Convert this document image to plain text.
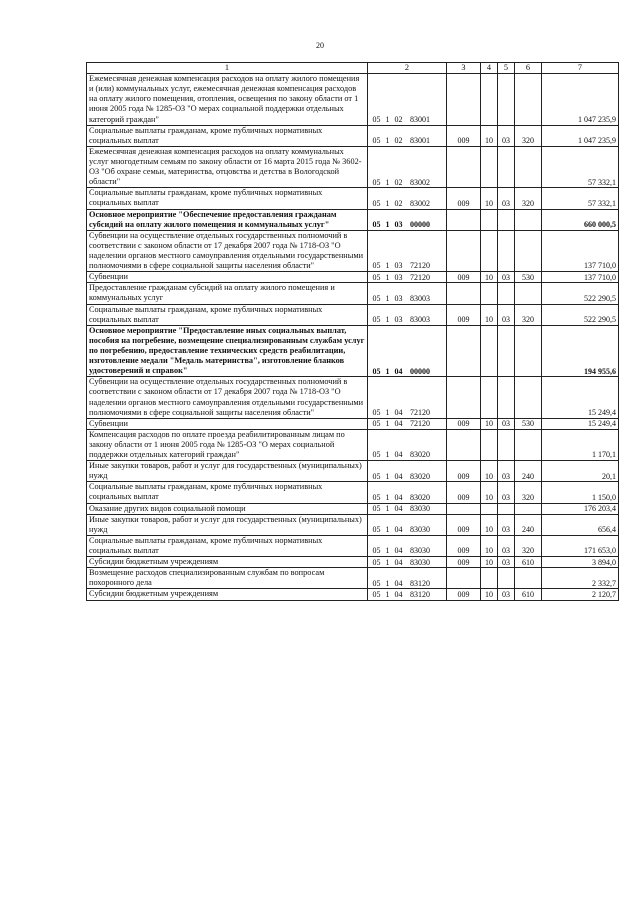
20
1	2	3	4	5	6	7
Ежемесячная денежная компенсация расходов на оплату жилого помещения и (или) коммунальных услуг, ежемесячная денежная компенсация расходов на оплату жилого помещения, отопления, освещения по закону области от 1 июня 2005 года № 1285-ОЗ "О мерах социальной поддержки отдельных категорий граждан"	05 1 02 83001					1 047 235,9
Социальные выплаты гражданам, кроме публичных нормативных социальных выплат	05 1 02 83001	009	10	03	320	1 047 235,9
Ежемесячная денежная компенсация расходов на оплату коммунальных услуг многодетным семьям по закону области от 16 марта 2015 года № 3602-ОЗ "Об охране семьи, материнства, отцовства и детства в Вологодской области"	05 1 02 83002					57 332,1
Социальные выплаты гражданам, кроме публичных нормативных социальных выплат	05 1 02 83002	009	10	03	320	57 332,1
Основное мероприятие "Обеспечение предоставления гражданам субсидий на оплату жилого помещения и коммунальных услуг"	05 1 03 00000					660 000,5
Субвенции на осуществление отдельных государственных полномочий в соответствии с законом области от 17 декабря 2007 года № 1718-ОЗ "О наделении органов местного самоуправления отдельными государственными полномочиями в сфере социальной защиты населения области"	05 1 03 72120					137 710,0
Субвенции	05 1 03 72120	009	10	03	530	137 710,0
Предоставление гражданам субсидий на оплату жилого помещения и коммунальных услуг	05 1 03 83003					522 290,5
Социальные выплаты гражданам, кроме публичных нормативных социальных выплат	05 1 03 83003	009	10	03	320	522 290,5
Основное мероприятие "Предоставление иных социальных выплат, пособия на погребение, возмещение специализированным службам услуг по погребению, предоставление технических средств реабилитации, изготовление медали "Медаль материнства", изготовление бланков удостоверений и справок"	05 1 04 00000					194 955,6
Субвенции на осуществление отдельных государственных полномочий в соответствии с законом области от 17 декабря 2007 года № 1718-ОЗ "О наделении органов местного самоуправления отдельными государственными полномочиями в сфере социальной защиты населения области"	05 1 04 72120					15 249,4
Субвенции	05 1 04 72120	009	10	03	530	15 249,4
Компенсация расходов по оплате проезда реабилитированным лицам по закону области от 1 июня 2005 года № 1285-ОЗ "О мерах социальной поддержки отдельных категорий граждан"	05 1 04 83020					1 170,1
Иные закупки товаров, работ и услуг для государственных (муниципальных) нужд	05 1 04 83020	009	10	03	240	20,1
Социальные выплаты гражданам, кроме публичных нормативных социальных выплат	05 1 04 83020	009	10	03	320	1 150,0
Оказание других видов социальной помощи	05 1 04 83030					176 203,4
Иные закупки товаров, работ и услуг для государственных (муниципальных) нужд	05 1 04 83030	009	10	03	240	656,4
Социальные выплаты гражданам, кроме публичных нормативных социальных выплат	05 1 04 83030	009	10	03	320	171 653,0
Субсидии бюджетным учреждениям	05 1 04 83030	009	10	03	610	3 894,0
Возмещение расходов специализированным службам по вопросам похоронного дела	05 1 04 83120					2 332,7
Субсидии бюджетным учреждениям	05 1 04 83120	009	10	03	610	2 120,7
